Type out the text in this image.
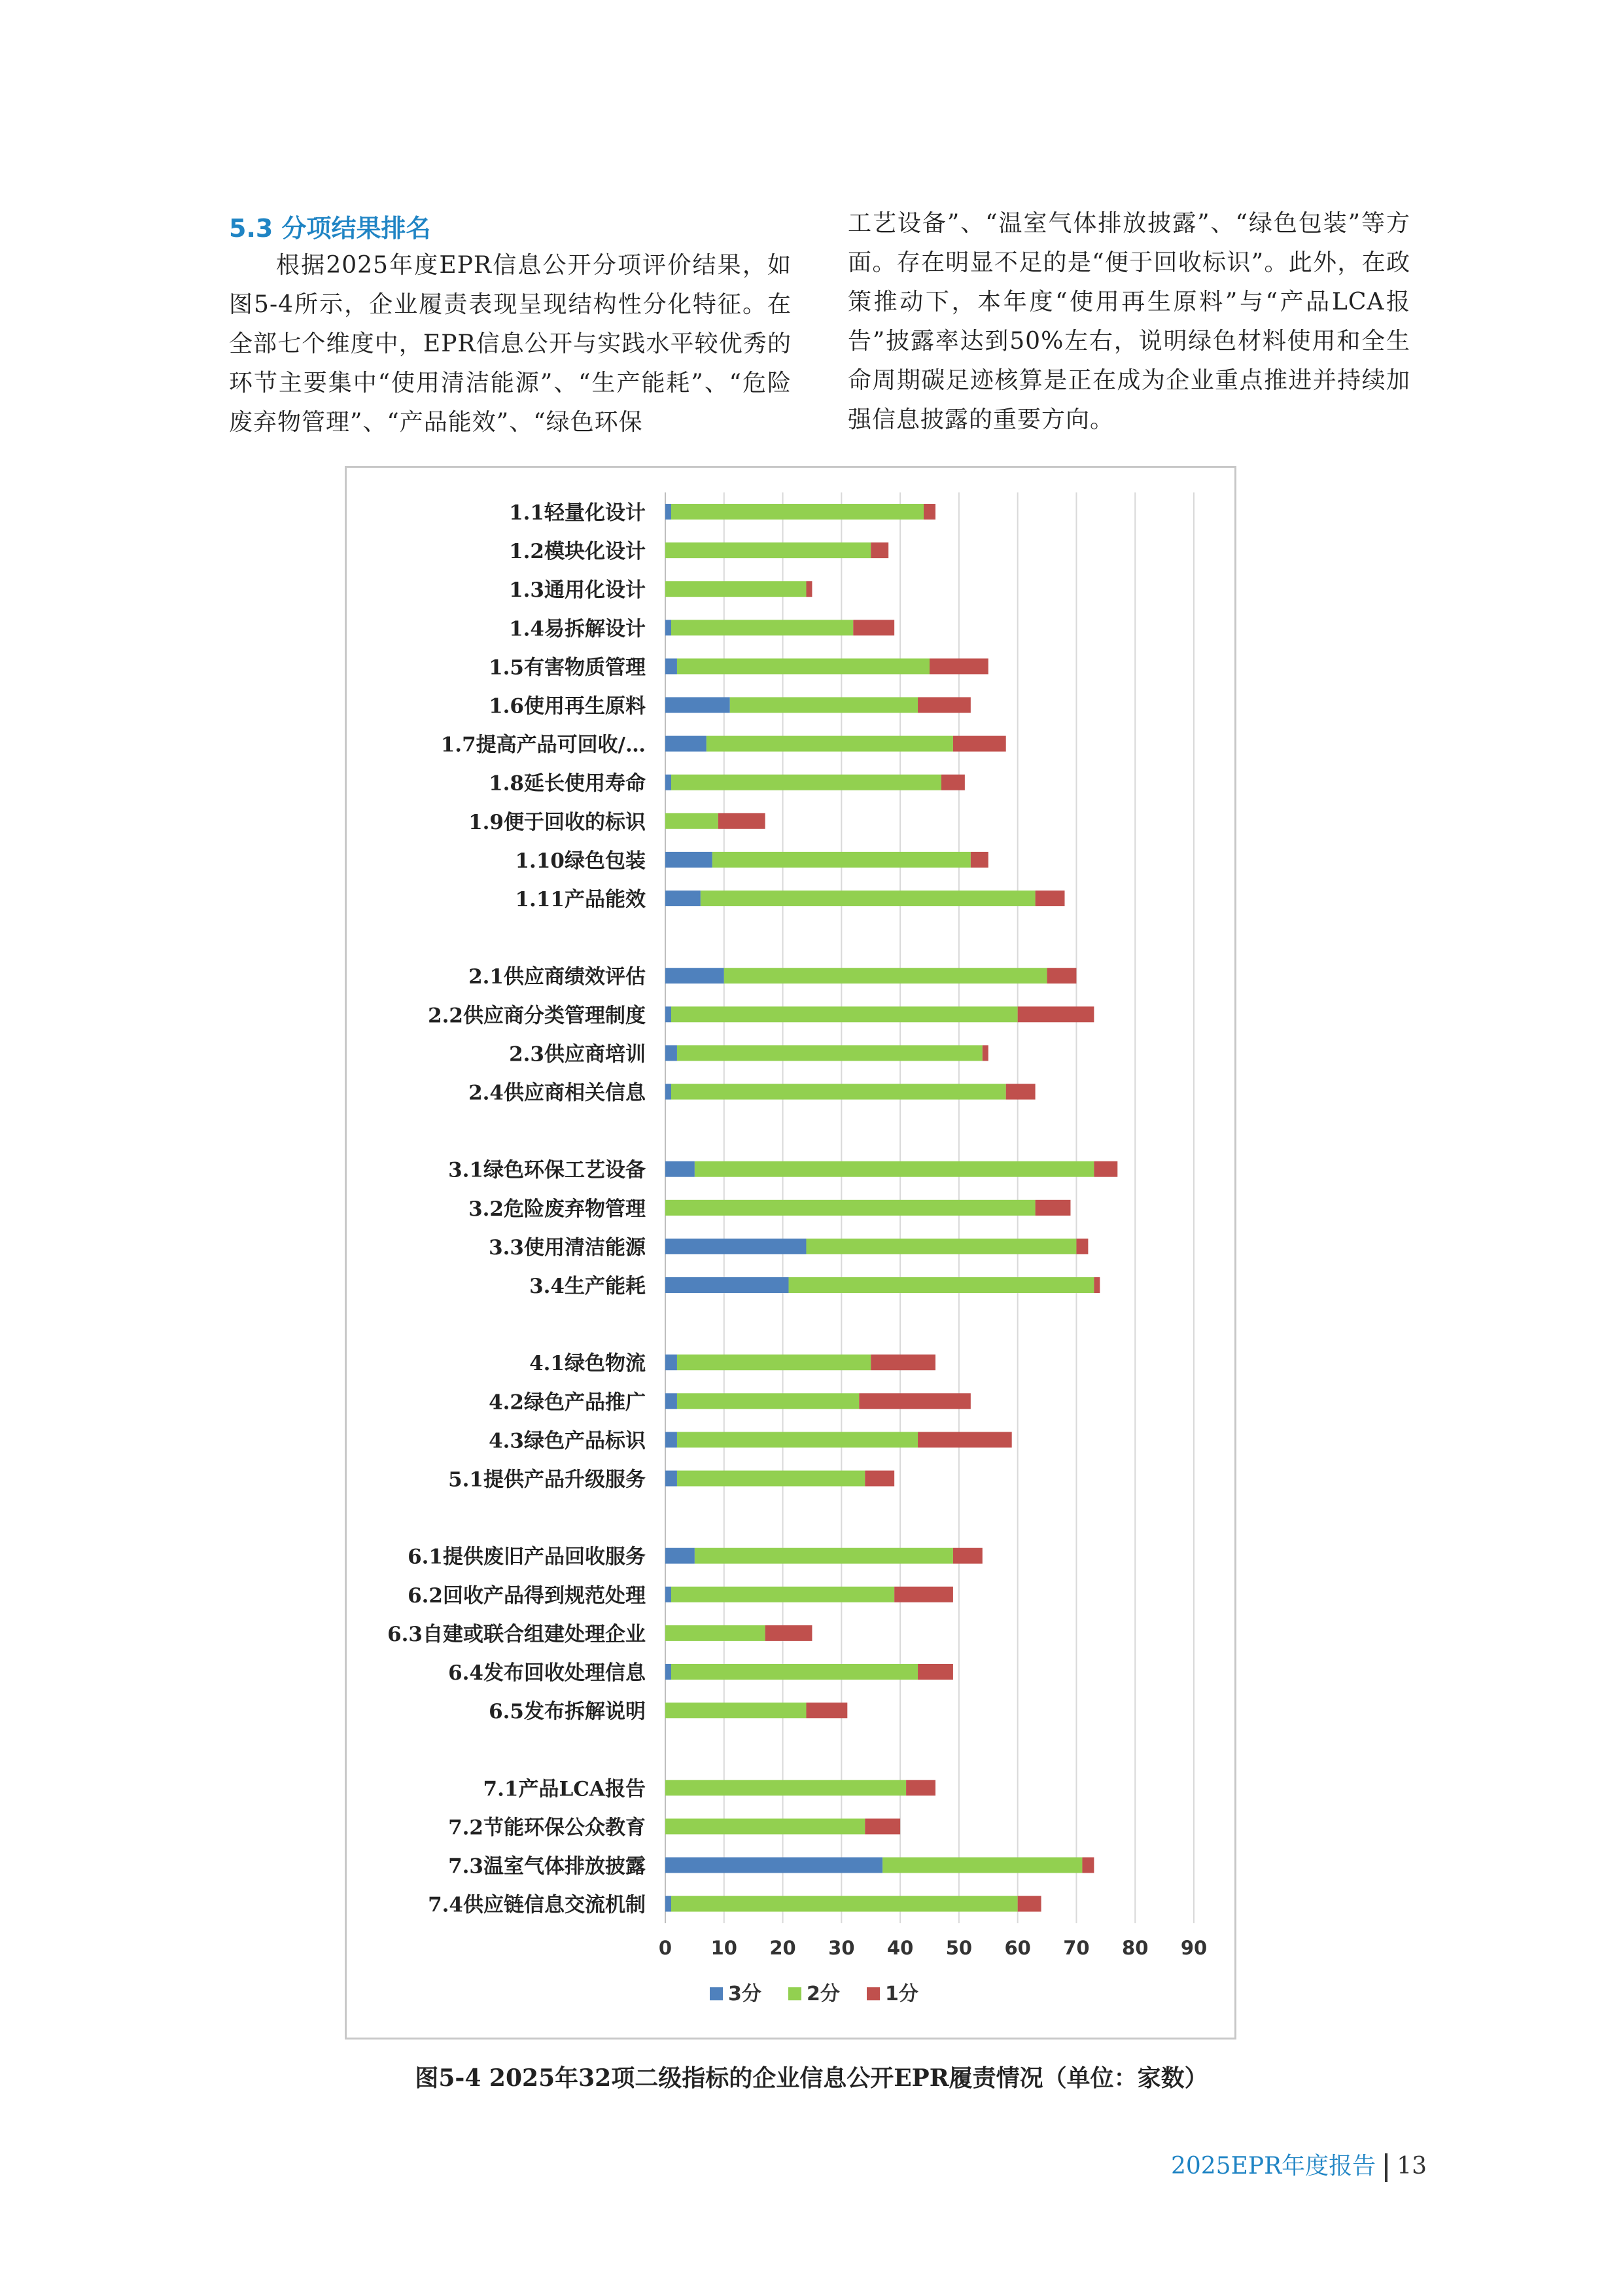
5.3 分项结果排名
根据2025年度EPR信息公开分项评价结果，如图5-4所示，企业履责表现呈现结构性分化特征。在全部七个维度中，EPR信息公开与实践水平较优秀的环节主要集中“使用清洁能源”、“生产能耗”、“危险废弃物管理”、“产品能效”、“绿色环保
工艺设备”、“温室气体排放披露”、“绿色包装”等方面。存在明显不足的是“便于回收标识”。此外，在政策推动下，本年度“使用再生原料”与“产品LCA报告”披露率达到50%左右，说明绿色材料使用和全生命周期碳足迹核算是正在成为企业重点推进并持续加强信息披露的重要方向。
1.1轻量化设计
1.2模块化设计
1.3通用化设计
1.4易拆解设计
1.5有害物质管理
1.6使用再生原料
1.7提高产品可回收/…
1.8延长使用寿命
1.9便于回收的标识
1.10绿色包装
1.11产品能效
2.1供应商绩效评估
2.2供应商分类管理制度
2.3供应商培训
2.4供应商相关信息
3.1绿色环保工艺设备
3.2危险废弃物管理
3.3使用清洁能源
3.4生产能耗
4.1绿色物流
4.2绿色产品推广
4.3绿色产品标识
5.1提供产品升级服务
6.1提供废旧产品回收服务
6.2回收产品得到规范处理
6.3自建或联合组建处理企业
6.4发布回收处理信息
6.5发布拆解说明
7.1产品LCA报告
7.2节能环保公众教育
7.3温室气体排放披露
7.4供应链信息交流机制
0 10 20 30 40 50 60 70 80 90
3分 2分 1分
图5-4 2025年32项二级指标的企业信息公开EPR履责情况（单位：家数）
2025EPR年度报告 13
